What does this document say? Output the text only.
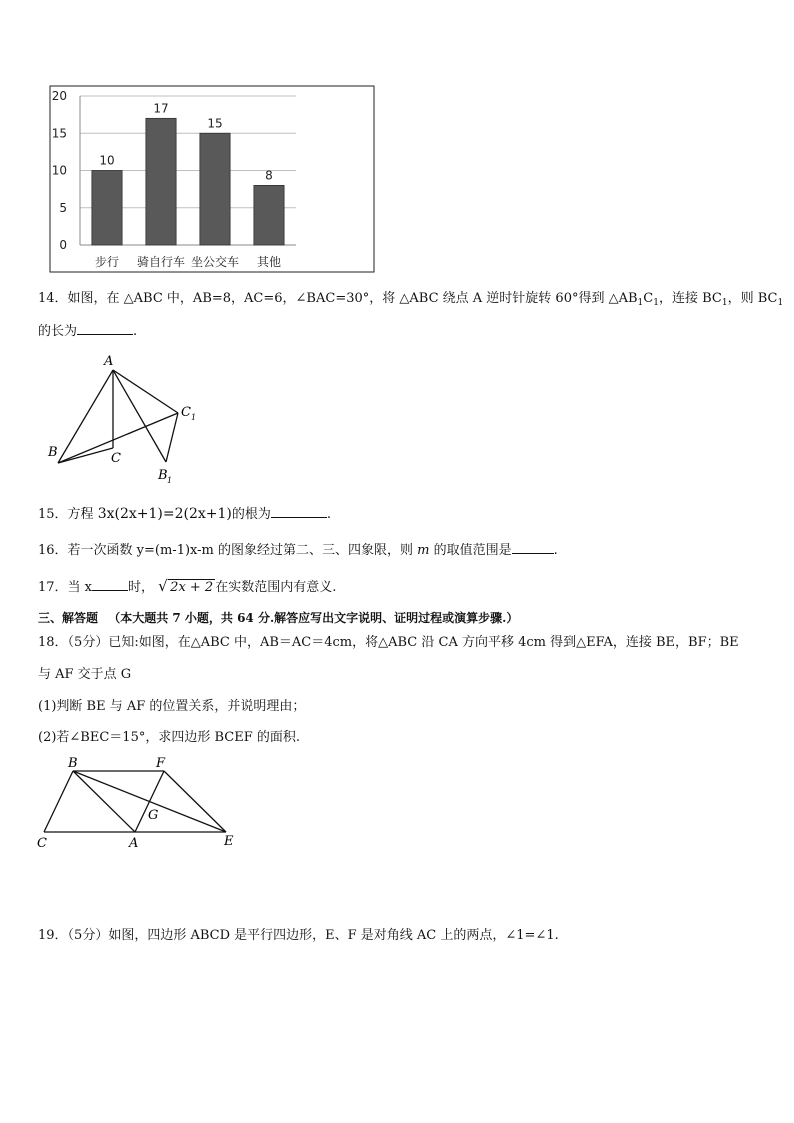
0
5
10
15
20
步行 骑自行车 坐公交车 其他
10
17
15
8
14．如图，在 △ABC 中，AB=8，AC=6，∠BAC=30°，将 △ABC 绕点 A 逆时针旋转 60°得到 $\triangle AB_1C_1$，连接 $BC_1$，则 $BC_1$
的长为	.
A
B	C
C 1
B 1
15．方程 3x(2x+1)=2(2x+1)的根为	.
16．若一次函数 y=(m-1)x-m 的图象经过第二、三、四象限，则 m 的取值范围是	.
17．当 x	时， √ 2x + 2 在实数范围内有意义.
三、解答题 （本大题共 7 小题，共 64 分.解答应写出文字说明、证明过程或演算步骤.）
18．（5分）已知:如图，在△ABC 中，AB＝AC＝4cm，将△ABC 沿 CA 方向平移 4cm 得到△EFA，连接 BE，BF；BE
与 AF 交于点 G
(1)判断 BE 与 AF 的位置关系，并说明理由；
(2)若∠BEC＝15°，求四边形 BCEF 的面积.
B	F
G
C	A	E
19．（5分）如图，四边形 ABCD 是平行四边形，E、F 是对角线 AC 上的两点，∠1=∠1.
